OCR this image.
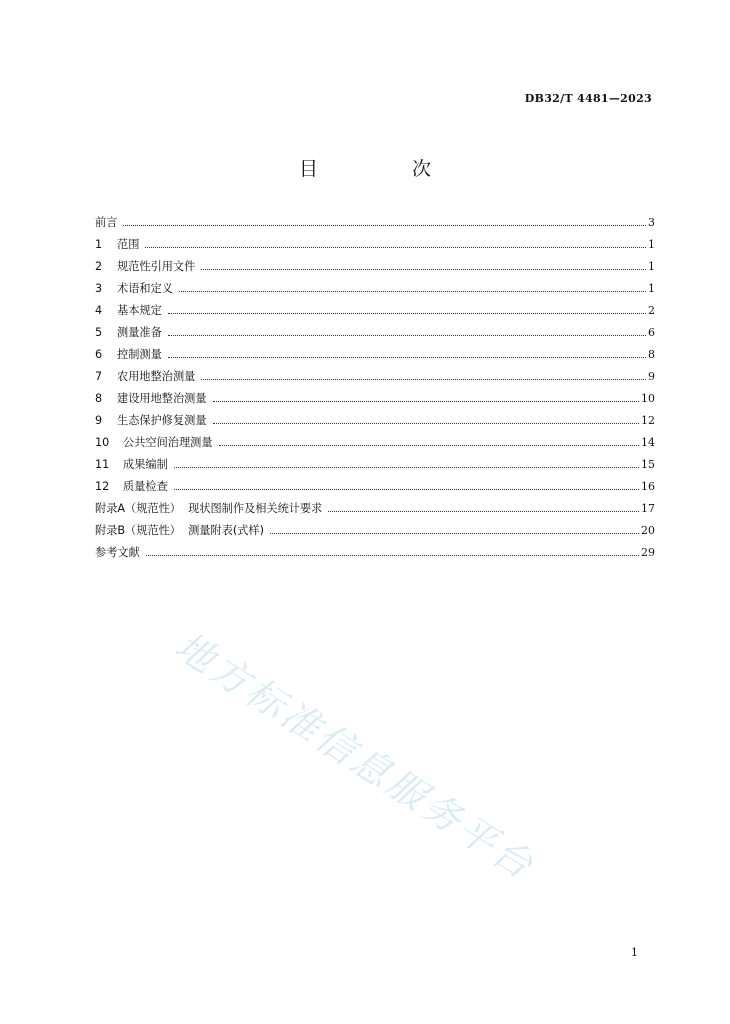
DB32/T 4481—2023
目 次
前言	3
1	范围	1
2	规范性引用文件	1
3	术语和定义	1
4	基本规定	2
5	测量准备	6
6	控制测量	8
7	农用地整治测量	9
8	建设用地整治测量	10
9	生态保护修复测量	12
10	公共空间治理测量	14
11	成果编制	15
12	质量检查	16
附录A（规范性）  现状图制作及相关统计要求	17
附录B（规范性）  测量附表(式样)	20
参考文献	29
地方标准信息服务平台
1
